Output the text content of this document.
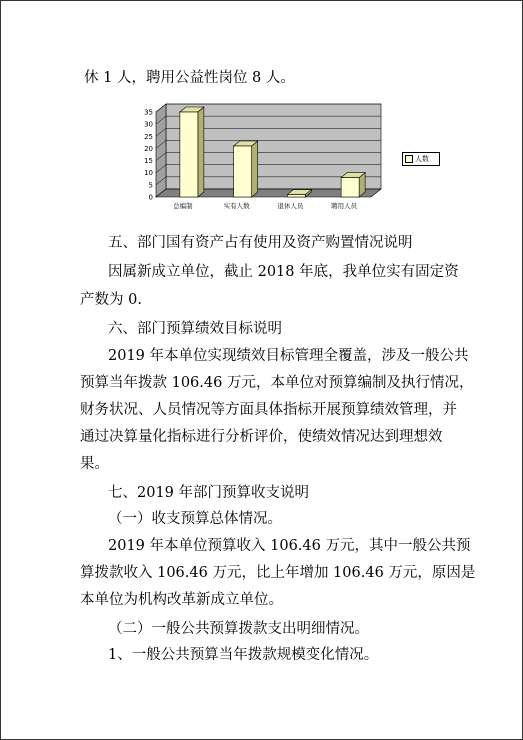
休 1 人，聘用公益性岗位 8 人。
0
5
10
15
20
25
30
35
总编制	实有人数	退休人员	聘用人员
人数
五、部门国有资产占有使用及资产购置情况说明
因属新成立单位，截止 2018 年底，我单位实有固定资
产数为 0.
六、部门预算绩效目标说明
2019 年本单位实现绩效目标管理全覆盖，涉及一般公共
预算当年拨款 106.46 万元，本单位对预算编制及执行情况，
财务状况、人员情况等方面具体指标开展预算绩效管理，并
通过决算量化指标进行分析评价，使绩效情况达到理想效
果。
七、2019 年部门预算收支说明
（一）收支预算总体情况。
2019 年本单位预算收入 106.46 万元，其中一般公共预
算拨款收入 106.46 万元，比上年增加 106.46 万元，原因是
本单位为机构改革新成立单位。
（二）一般公共预算拨款支出明细情况。
1、一般公共预算当年拨款规模变化情况。
